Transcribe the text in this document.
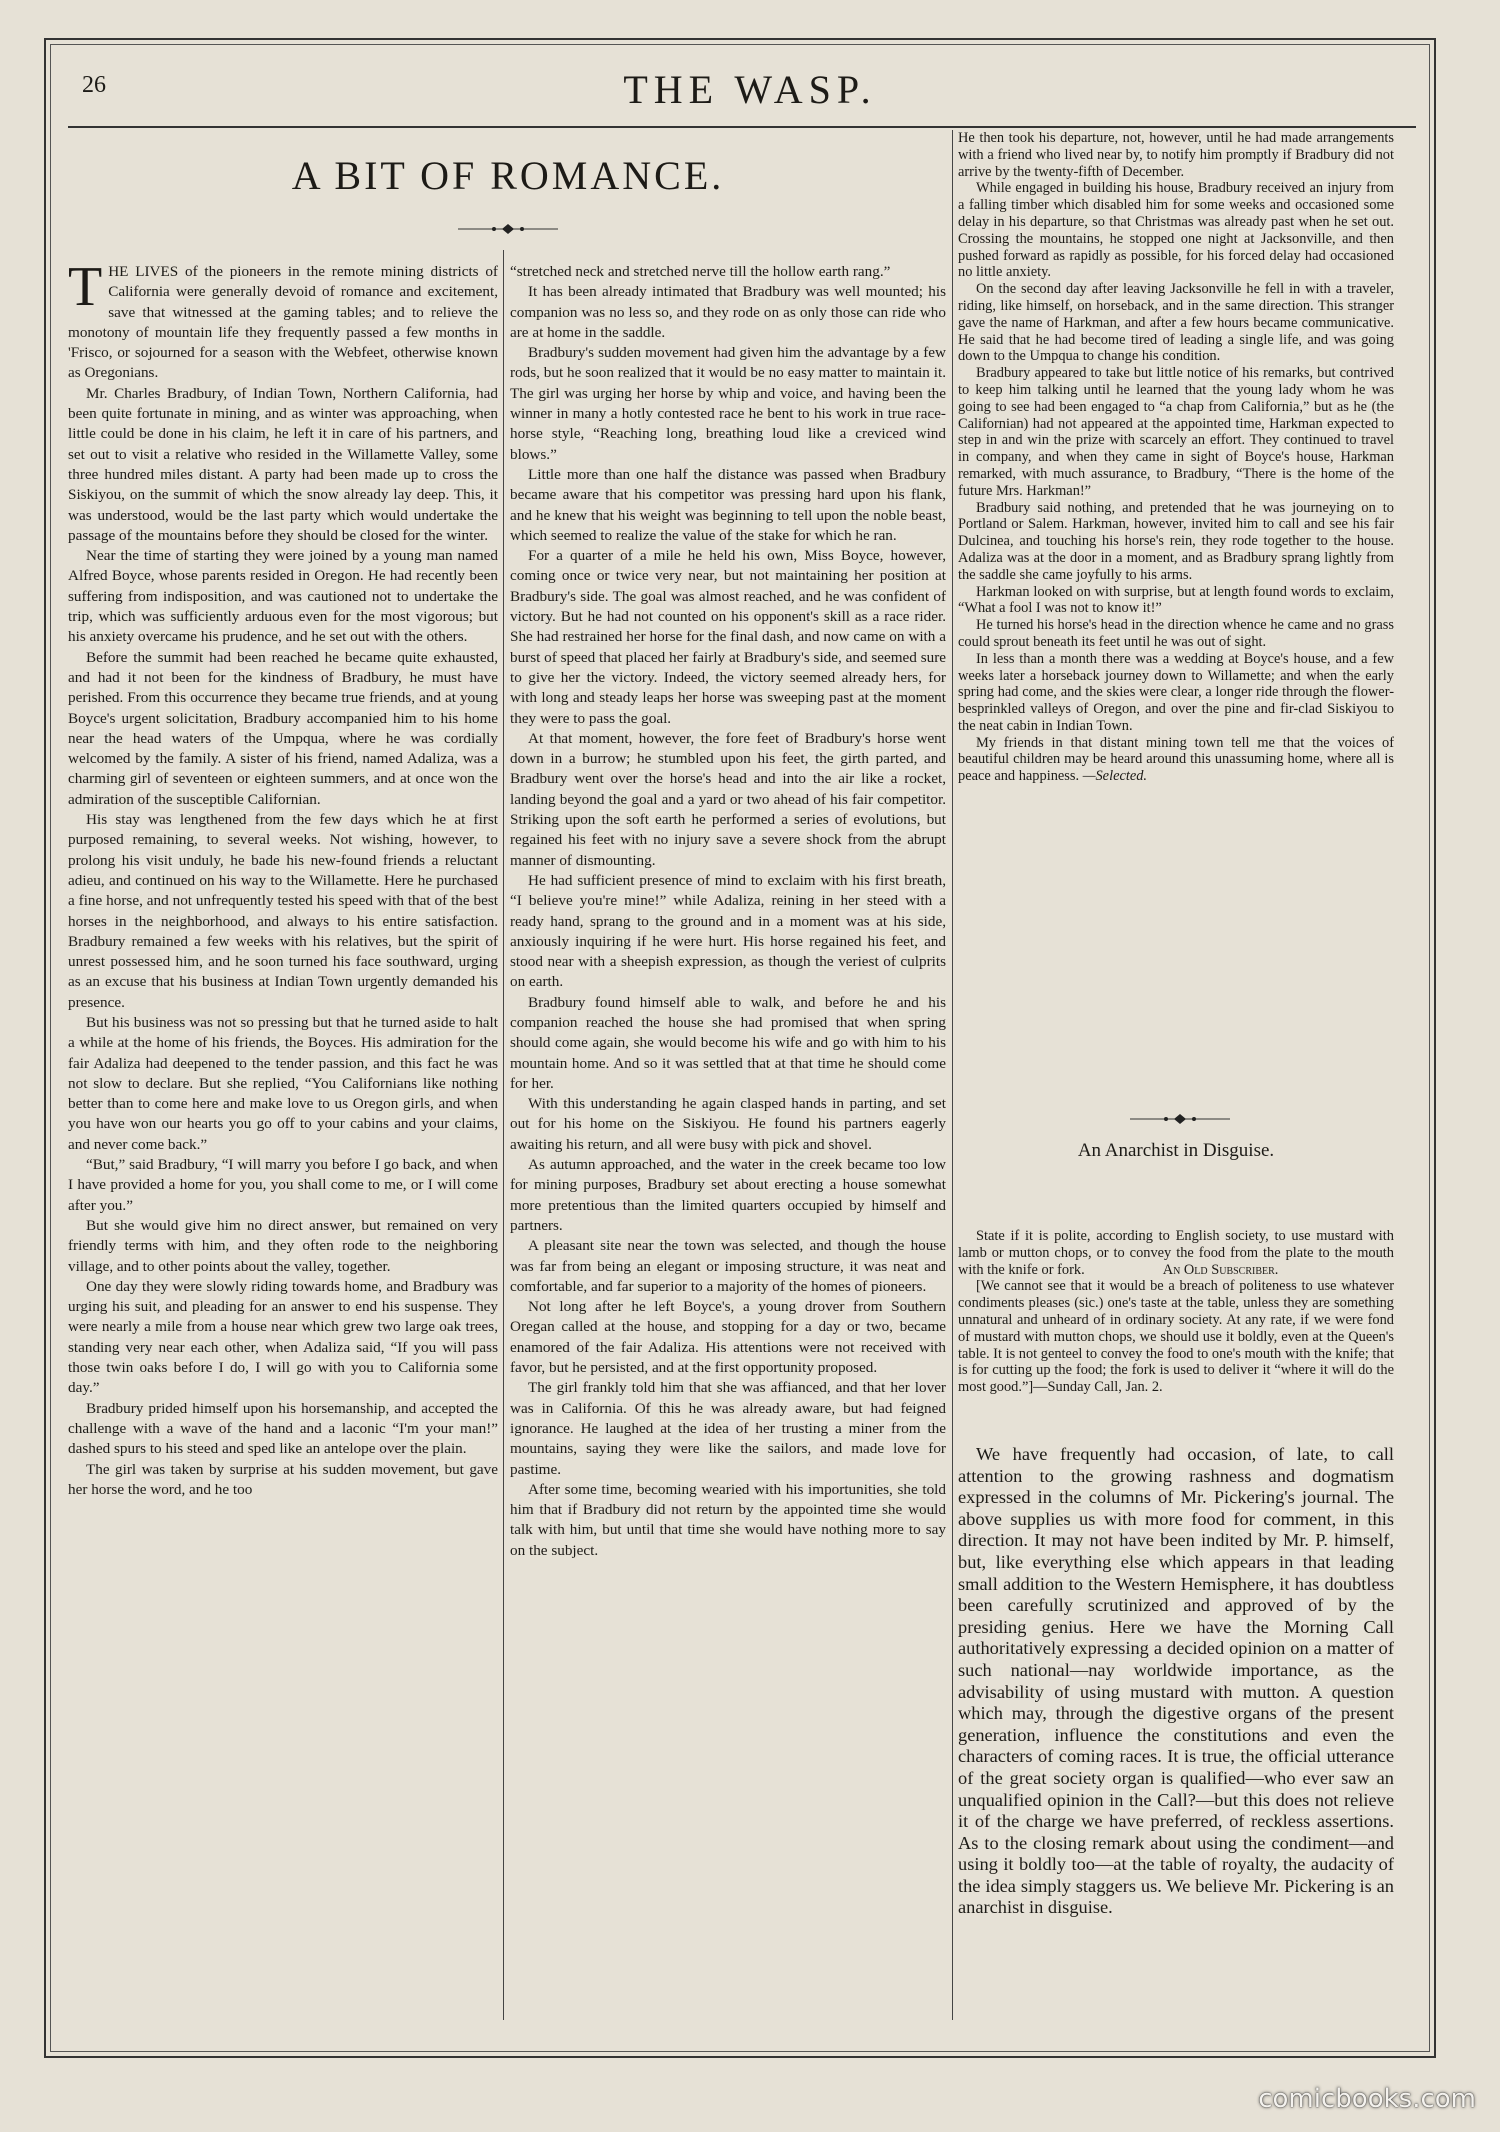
26	THE WASP.
A BIT OF ROMANCE.

THE LIVES of the pioneers in the remote mining districts of California were generally devoid of romance and excitement, save that witnessed at the gaming tables; and to relieve the monotony of mountain life they frequently passed a few months in 'Frisco, or sojourned for a season with the Webfeet, otherwise known as Oregonians.

Mr. Charles Bradbury, of Indian Town, Northern California, had been quite fortunate in mining, and as winter was approaching, when little could be done in his claim, he left it in care of his partners, and set out to visit a relative who resided in the Willamette Valley, some three hundred miles distant. A party had been made up to cross the Siskiyou, on the summit of which the snow already lay deep. This, it was understood, would be the last party which would undertake the passage of the mountains before they should be closed for the winter.

Near the time of starting they were joined by a young man named Alfred Boyce, whose parents resided in Oregon. He had recently been suffering from indisposition, and was cautioned not to undertake the trip, which was sufficiently arduous even for the most vigorous; but his anxiety overcame his prudence, and he set out with the others.

Before the summit had been reached he became quite exhausted, and had it not been for the kindness of Bradbury, he must have perished. From this occurrence they became true friends, and at young Boyce's urgent solicitation, Bradbury accompanied him to his home near the head waters of the Umpqua, where he was cordially welcomed by the family. A sister of his friend, named Adaliza, was a charming girl of seventeen or eighteen summers, and at once won the admiration of the susceptible Californian.

His stay was lengthened from the few days which he at first purposed remaining, to several weeks. Not wishing, however, to prolong his visit unduly, he bade his new-found friends a reluctant adieu, and continued on his way to the Willamette. Here he purchased a fine horse, and not unfrequently tested his speed with that of the best horses in the neighborhood, and always to his entire satisfaction. Bradbury remained a few weeks with his relatives, but the spirit of unrest possessed him, and he soon turned his face southward, urging as an excuse that his business at Indian Town urgently demanded his presence.

But his business was not so pressing but that he turned aside to halt a while at the home of his friends, the Boyces. His admiration for the fair Adaliza had deepened to the tender passion, and this fact he was not slow to declare. But she replied, “You Californians like nothing better than to come here and make love to us Oregon girls, and when you have won our hearts you go off to your cabins and your claims, and never come back.”

“But,” said Bradbury, “I will marry you before I go back, and when I have provided a home for you, you shall come to me, or I will come after you.”

But she would give him no direct answer, but remained on very friendly terms with him, and they often rode to the neighboring village, and to other points about the valley, together.

One day they were slowly riding towards home, and Bradbury was urging his suit, and pleading for an answer to end his suspense. They were nearly a mile from a house near which grew two large oak trees, standing very near each other, when Adaliza said, “If you will pass those twin oaks before I do, I will go with you to California some day.”

Bradbury prided himself upon his horsemanship, and accepted the challenge with a wave of the hand and a laconic “I'm your man!” dashed spurs to his steed and sped like an antelope over the plain.

The girl was taken by surprise at his sudden movement, but gave her horse the word, and he too

“stretched neck and stretched nerve till the hollow earth rang.”

It has been already intimated that Bradbury was well mounted; his companion was no less so, and they rode on as only those can ride who are at home in the saddle.

Bradbury's sudden movement had given him the advantage by a few rods, but he soon realized that it would be no easy matter to maintain it. The girl was urging her horse by whip and voice, and having been the winner in many a hotly contested race he bent to his work in true race-horse style, “Reaching long, breathing loud like a creviced wind blows.”

Little more than one half the distance was passed when Bradbury became aware that his competitor was pressing hard upon his flank, and he knew that his weight was beginning to tell upon the noble beast, which seemed to realize the value of the stake for which he ran.

For a quarter of a mile he held his own, Miss Boyce, however, coming once or twice very near, but not maintaining her position at Bradbury's side. The goal was almost reached, and he was confident of victory. But he had not counted on his opponent's skill as a race rider. She had restrained her horse for the final dash, and now came on with a burst of speed that placed her fairly at Bradbury's side, and seemed sure to give her the victory. Indeed, the victory seemed already hers, for with long and steady leaps her horse was sweeping past at the moment they were to pass the goal.

At that moment, however, the fore feet of Bradbury's horse went down in a burrow; he stumbled upon his feet, the girth parted, and Bradbury went over the horse's head and into the air like a rocket, landing beyond the goal and a yard or two ahead of his fair competitor. Striking upon the soft earth he performed a series of evolutions, but regained his feet with no injury save a severe shock from the abrupt manner of dismounting.

He had sufficient presence of mind to exclaim with his first breath, “I believe you're mine!” while Adaliza, reining in her steed with a ready hand, sprang to the ground and in a moment was at his side, anxiously inquiring if he were hurt. His horse regained his feet, and stood near with a sheepish expression, as though the veriest of culprits on earth.

Bradbury found himself able to walk, and before he and his companion reached the house she had promised that when spring should come again, she would become his wife and go with him to his mountain home. And so it was settled that at that time he should come for her.

With this understanding he again clasped hands in parting, and set out for his home on the Siskiyou. He found his partners eagerly awaiting his return, and all were busy with pick and shovel.

As autumn approached, and the water in the creek became too low for mining purposes, Bradbury set about erecting a house somewhat more pretentious than the limited quarters occupied by himself and partners.

A pleasant site near the town was selected, and though the house was far from being an elegant or imposing structure, it was neat and comfortable, and far superior to a majority of the homes of pioneers.

Not long after he left Boyce's, a young drover from Southern Oregan called at the house, and stopping for a day or two, became enamored of the fair Adaliza. His attentions were not received with favor, but he persisted, and at the first opportunity proposed.

The girl frankly told him that she was affianced, and that her lover was in California. Of this he was already aware, but had feigned ignorance. He laughed at the idea of her trusting a miner from the mountains, saying they were like the sailors, and made love for pastime.

After some time, becoming wearied with his importunities, she told him that if Bradbury did not return by the appointed time she would talk with him, but until that time she would have nothing more to say on the subject.

He then took his departure, not, however, until he had made arrangements with a friend who lived near by, to notify him promptly if Bradbury did not arrive by the twenty-fifth of December.

While engaged in building his house, Bradbury received an injury from a falling timber which disabled him for some weeks and occasioned some delay in his departure, so that Christmas was already past when he set out. Crossing the mountains, he stopped one night at Jacksonville, and then pushed forward as rapidly as possible, for his forced delay had occasioned no little anxiety.

On the second day after leaving Jacksonville he fell in with a traveler, riding, like himself, on horseback, and in the same direction. This stranger gave the name of Harkman, and after a few hours became communicative. He said that he had become tired of leading a single life, and was going down to the Umpqua to change his condition.

Bradbury appeared to take but little notice of his remarks, but contrived to keep him talking until he learned that the young lady whom he was going to see had been engaged to “a chap from California,” but as he (the Californian) had not appeared at the appointed time, Harkman expected to step in and win the prize with scarcely an effort. They continued to travel in company, and when they came in sight of Boyce's house, Harkman remarked, with much assurance, to Bradbury, “There is the home of the future Mrs. Harkman!”

Bradbury said nothing, and pretended that he was journeying on to Portland or Salem. Harkman, however, invited him to call and see his fair Dulcinea, and touching his horse's rein, they rode together to the house. Adaliza was at the door in a moment, and as Bradbury sprang lightly from the saddle she came joyfully to his arms.

Harkman looked on with surprise, but at length found words to exclaim, “What a fool I was not to know it!”

He turned his horse's head in the direction whence he came and no grass could sprout beneath its feet until he was out of sight.

In less than a month there was a wedding at Boyce's house, and a few weeks later a horseback journey down to Willamette; and when the early spring had come, and the skies were clear, a longer ride through the flower-besprinkled valleys of Oregon, and over the pine and fir-clad Siskiyou to the neat cabin in Indian Town.

My friends in that distant mining town tell me that the voices of beautiful children may be heard around this unassuming home, where all is peace and happiness. —Selected.

An Anarchist in Disguise.

State if it is polite, according to English society, to use mustard with lamb or mutton chops, or to convey the food from the plate to the mouth with the knife or fork.	An Old Subscriber.

[We cannot see that it would be a breach of politeness to use whatever condiments pleases (sic.) one's taste at the table, unless they are something unnatural and unheard of in ordinary society. At any rate, if we were fond of mustard with mutton chops, we should use it boldly, even at the Queen's table. It is not genteel to convey the food to one's mouth with the knife; that is for cutting up the food; the fork is used to deliver it “where it will do the most good.”]—Sunday Call, Jan. 2.

We have frequently had occasion, of late, to call attention to the growing rashness and dogmatism expressed in the columns of Mr. Pickering's journal. The above supplies us with more food for comment, in this direction. It may not have been indited by Mr. P. himself, but, like everything else which appears in that leading small addition to the Western Hemisphere, it has doubtless been carefully scrutinized and approved of by the presiding genius. Here we have the Morning Call authoritatively expressing a decided opinion on a matter of such national—nay worldwide importance, as the advisability of using mustard with mutton. A question which may, through the digestive organs of the present generation, influence the constitutions and even the characters of coming races. It is true, the official utterance of the great society organ is qualified—who ever saw an unqualified opinion in the Call?—but this does not relieve it of the charge we have preferred, of reckless assertions. As to the closing remark about using the condiment—and using it boldly too—at the table of royalty, the audacity of the idea simply staggers us. We believe Mr. Pickering is an anarchist in disguise.

comicbooks.com
